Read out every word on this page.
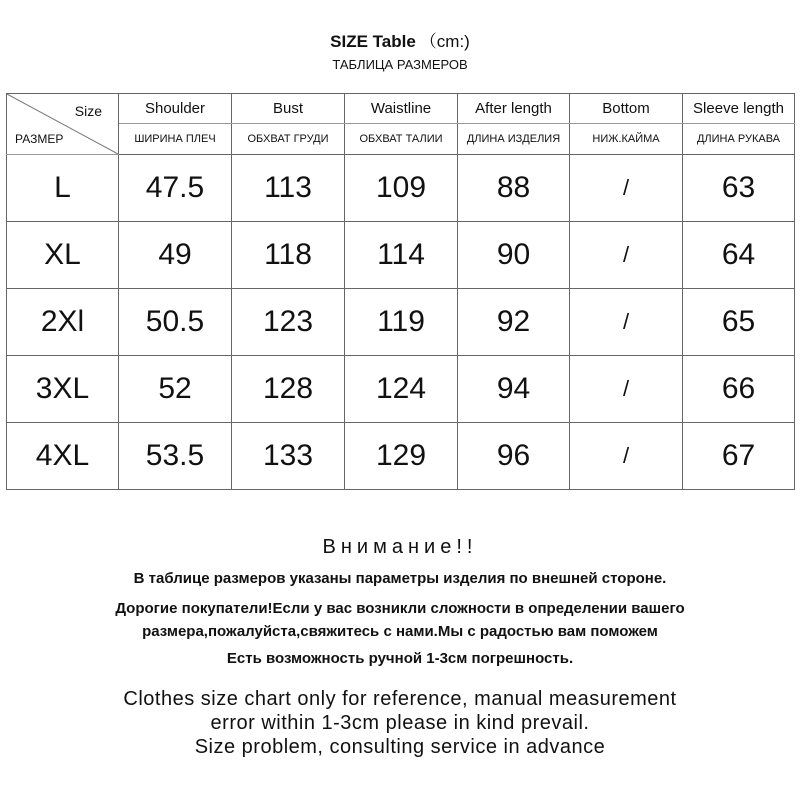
SIZE Table （cm:)
ТАБЛИЦА РАЗМЕРОВ
Size
РАЗМЕР	Shoulder	Bust	Waistline	After length	Bottom	Sleeve length
	ШИРИНА ПЛЕЧ	ОБХВАТ ГРУДИ	ОБХВАТ ТАЛИИ	ДЛИНА ИЗДЕЛИЯ	НИЖ.КАЙМА	ДЛИНА РУКАВА
L	47.5	113	109	88	/	63
XL	49	118	114	90	/	64
2Xl	50.5	123	119	92	/	65
3XL	52	128	124	94	/	66
4XL	53.5	133	129	96	/	67
Внимание!!
В таблице размеров указаны параметры изделия по внешней стороне.
Дорогие покупатели!Если у вас возникли сложности в определении вашего
размера,пожалуйста,свяжитесь с нами.Мы с радостью вам поможем
Есть возможность ручной 1-3см погрешность.
Clothes size chart only for reference, manual measurement
error within 1-3cm please in kind prevail.
Size problem, consulting service in advance
